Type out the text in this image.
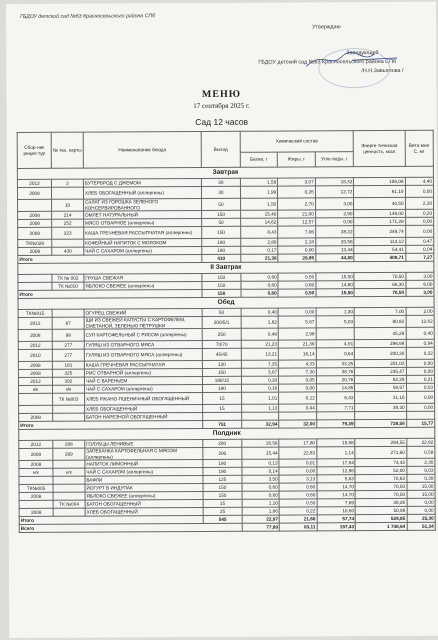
ГБДОУ детский сад №63 Красносельского района СПб
Утверждаю
Заведующий
ГБДОУ детский сад №63 Красносельского района СПб
/Н.Н.Завьялова /
МЕНЮ
17 сентября 2025 г.
Сад 12 часов
Сбор-ник рецеп-тур	№ тех. карты	Наименование блюда	Выход	Химический состав			Энерге-тическая ценность, ккал	Вита-мин С, мг
				Белки, г	Жиры, г	Угле-воды, г		
Завтрак								
2012	2	БУТЕРБРОД С ДЖЕМОМ	30	1,59	3,07	18,32	106,08	4,40
2008		ХЛЕБ ОБОГАЩЕННЫЙ (аллергены)	30	1,99	0,26	12,72	61,19	0,00
	10	САЛАТ ИЗ ГОРОШКА ЗЕЛЕНОГО КОНСЕРВИРОВАННОГО	50	1,50	2,70	3,00	40,50	2,20
2008	214	ОМЛЕТ НАТУРАЛЬНЫЙ	150	15,40	21,00	2,90	149,00	0,20
2008	252	МЯСО ОТВАРНОЕ (аллергены)	50	14,62	12,57	0,00	171,28	0,00
2008	323	КАША ГРЕЧНЕВАЯ РАССЫПЧАТАЯ (аллергены)	150	8,43	7,06	38,22	249,74	0,00
ТК№028		КОФЕЙНЫЙ НАПИТОК С МОЛОКОМ	180	2,89	2,18	20,58	114,13	0,47
2008	430	ЧАЙ С САХАРОМ (аллергены)	180	0,17	0,00	13,44	54,41	0,04
Итого			410	21,38	28,95	44,80	409,71	7,27
II Завтрак								
	ТК № 002	ГРУША СВЕЖАЯ	150	0,60	0,50	15,50	70,50	3,00
	ТК №010	ЯБЛОКО СВЕЖЕЕ (аллергены)	150	0,60	0,60	14,80	66,30	6,00
Итого			150	0,60	0,50	15,50	70,50	3,00
Обед								
ТК№015		ОГУРЕЦ СВЕЖИЙ	50	0,40	0,00	1,30	7,00	2,00
2012	67	ЩИ ИЗ СВЕЖЕЙ КАПУСТЫ С КАРТОФЕЛЕМ, СМЕТАНОЙ, ЗЕЛЕНЬЮ ПЕТРУШКИ	200/5/1	1,62	5,67	5,03	80,82	12,62
2008	98	СУП КАРТОФЕЛЬНЫЙ С РИСОМ (аллергены)	250	0,48	2,98		45,29	0,40
2012	277	ГУЛЯШ ИЗ ОТВАРНОГО МЯСА	70/70	21,23	21,39	4,91	296,98	0,94
2010	277	ГУЛЯШ ИЗ ОТВАРНОГО МЯСА (аллергены)	45/45	13,21	16,14	0,64	200,30	0,32
2008	181	КАША ГРЕЧНЕВАЯ РАССЫПЧАТАЯ	130	7,35	4,33	33,25	201,03	0,00
2008	325	РИС ОТВАРНОЙ (аллергены)	150	3,67	7,30	38,76	235,47	0,00
2012	392	ЧАЙ С ВАРЕНЬЕМ	180/15	0,20	0,05	20,76	82,29	0,21
к/к	к/к	ЧАЙ С САХАРОМ (аллергены)	180	0,16	0,00	14,85	59,97	0,03
	ТК №003	ХЛЕБ РЖАНО-ПШЕНИЧНЫЙ ОБОГАЩЕННЫЙ	15	1,01	0,12	6,43	31,16	0,00
		ХЛЕБ ОБОГАЩЕННЫЙ	15	1,13	0,44	7,71	39,30	0,00
2008		БАТОН НАРЕЗНОЙ ОБОГАЩЕННЫЙ						
Итого			751	32,94	32,00	79,39	738,58	15,77
Полдник								
2012	298	ГОЛУБЦЫ ЛЕНИВЫЕ	200	16,58	17,80	15,98	294,55	22,82
2008	299	ЗАПЕКАНКА КАРТОФЕЛЬНАЯ С МЯСОМ (аллергены)	200	15,44	22,83	1,14	271,60	0,58
2008		НАПИТОК ЛИМОННЫЙ	180	0,13	0,01	17,84	74,42	2,30
к/к	к/к	ЧАЙ С САХАРОМ (аллергены)	180	0,14	0,00	12,86	52,00	0,03
		ВАФЛИ	125	3,50	3,13	5,63	70,63	0,38
ТК№005		ЙОГУРТ В ИНДУПАК	150	0,60	0,60	14,70	70,50	15,00
2008		ЯБЛОКО СВЕЖЕЕ (аллергены)	150	0,60	0,60	14,70	70,50	15,00
	ТК №004	БАТОН ОБОГАЩЕННЫЙ	15	1,10	0,50	7,69	39,26	0,00
2008		ХЛЕБ ОБОГАЩЕННЫЙ	25	1,66	0,22	10,60	50,99	0,00
Итого			545	22,97	21,66	57,74	529,85	25,30
Всего				77,89	83,11	197,43	1 748,64	51,34
